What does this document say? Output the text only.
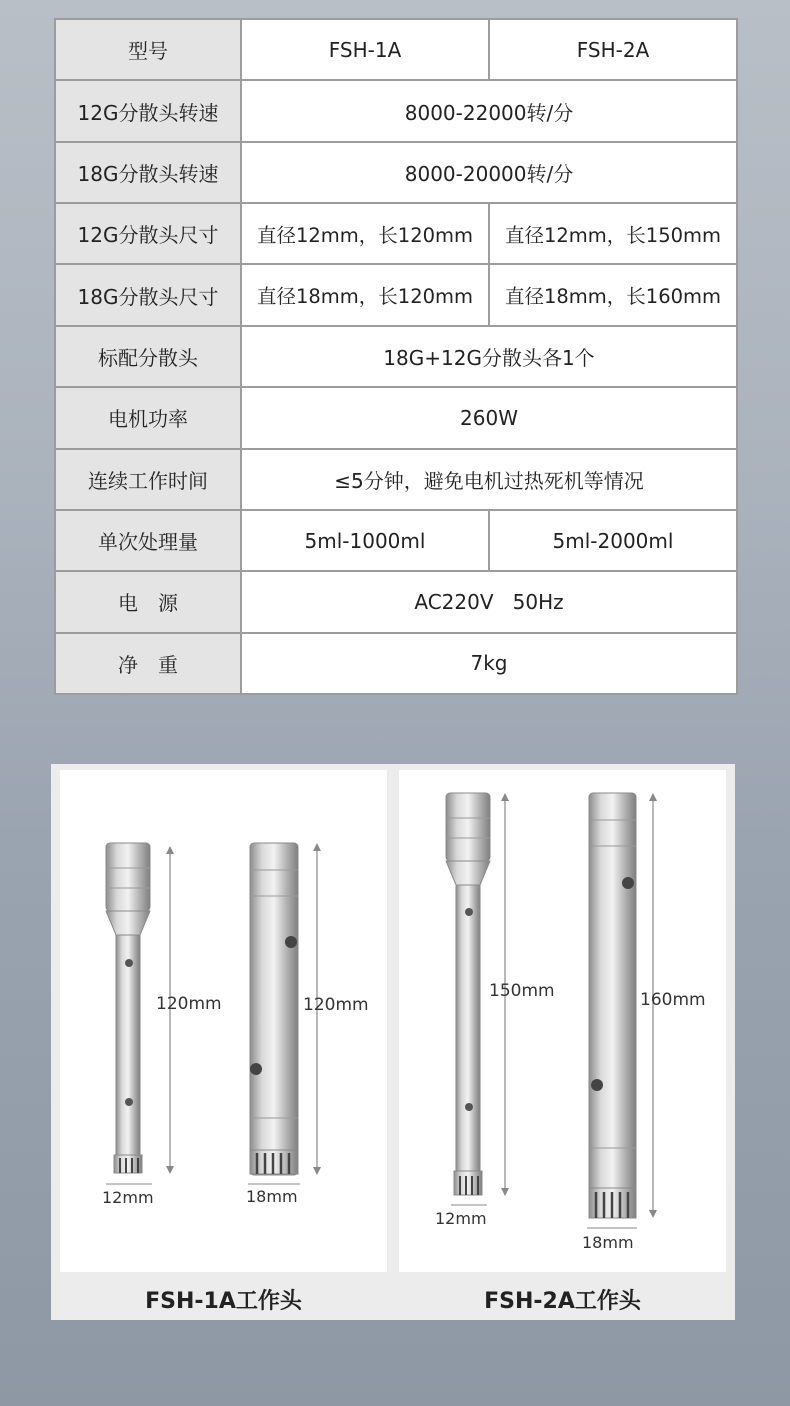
型号	FSH-1A	FSH-2A
12G分散头转速	8000-22000转/分	
18G分散头转速	8000-20000转/分	
12G分散头尺寸	直径12mm，长120mm	直径12mm，长150mm
18G分散头尺寸	直径18mm，长120mm	直径18mm，长160mm
标配分散头	18G+12G分散头各1个	
电机功率	260W	
连续工作时间	≤5分钟，避免电机过热死机等情况	
单次处理量	5ml-1000ml	5ml-2000ml
电　源	AC220V   50Hz	
净　重	7kg	
120mm
12mm
120mm
18mm
150mm
12mm
160mm
18mm
FSH-1A工作头	FSH-2A工作头
